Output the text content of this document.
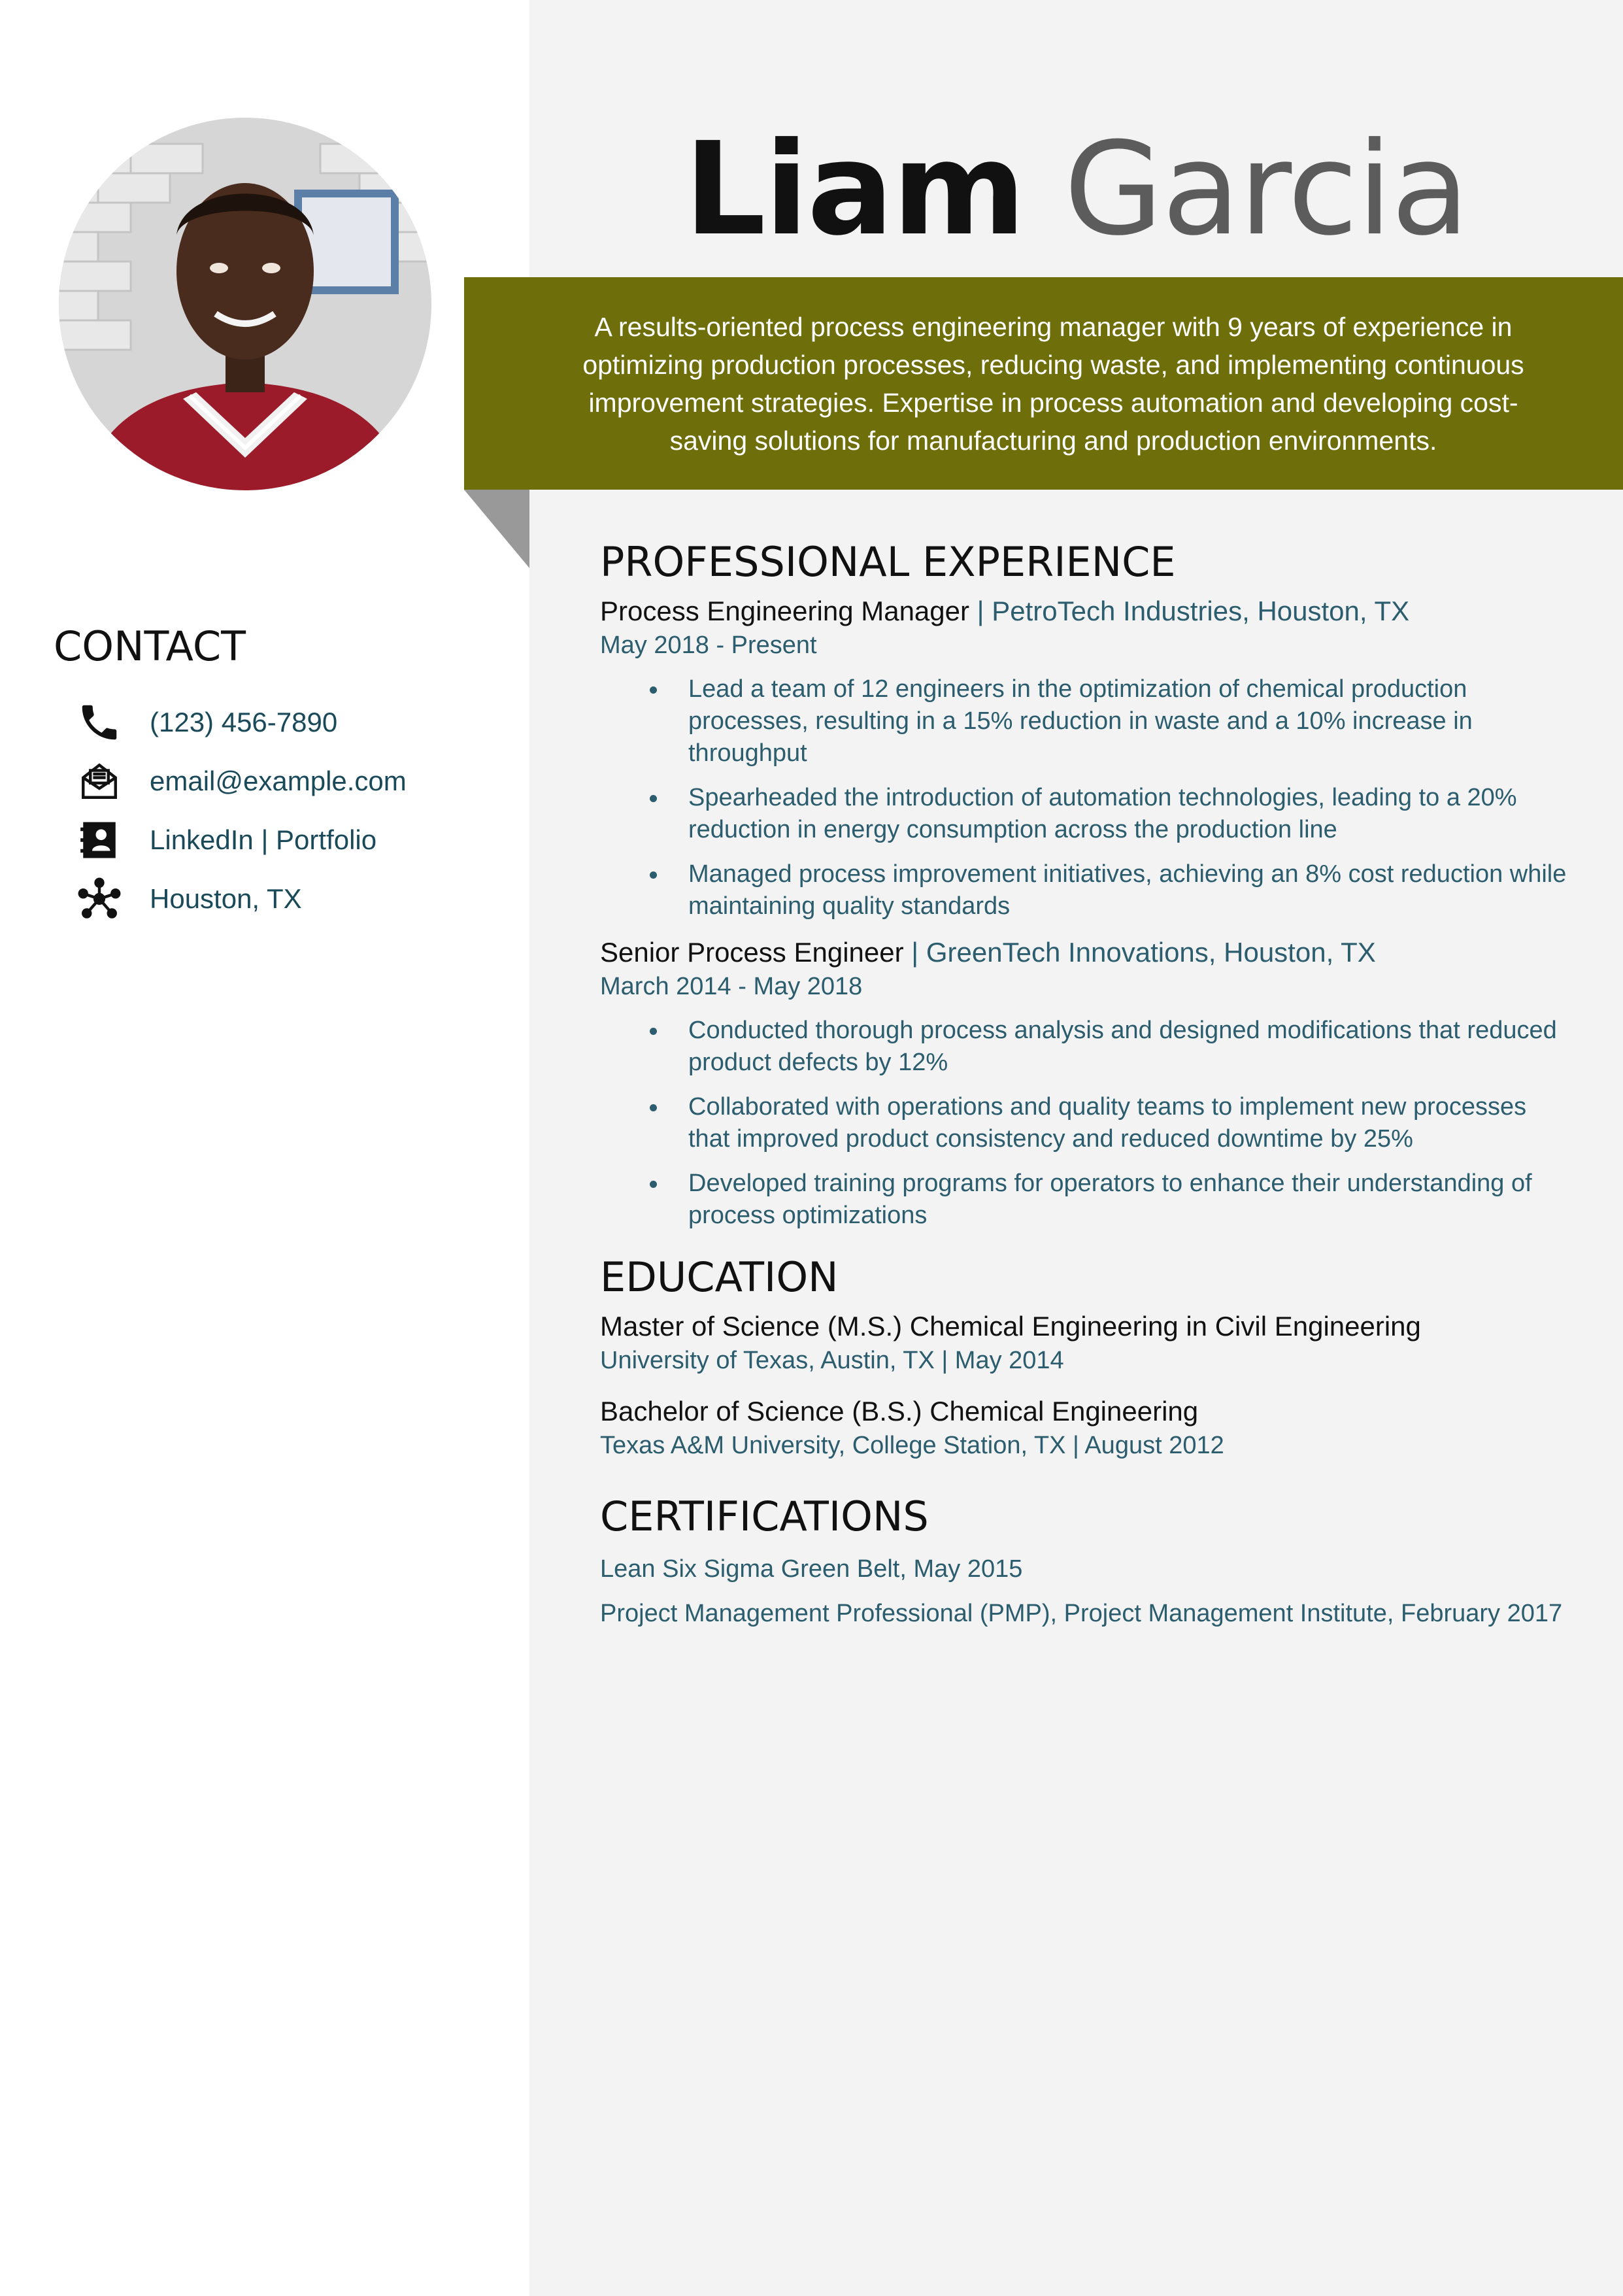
Liam Garcia

A results-oriented process engineering manager with 9 years of experience in optimizing production processes, reducing waste, and implementing continuous improvement strategies. Expertise in process automation and developing cost-saving solutions for manufacturing and production environments.

CONTACT
(123) 456-7890
email@example.com
LinkedIn | Portfolio
Houston, TX
PROFESSIONAL EXPERIENCE
Process Engineering Manager | PetroTech Industries, Houston, TX
May 2018 - Present
Lead a team of 12 engineers in the optimization of chemical production processes, resulting in a 15% reduction in waste and a 10% increase in throughput
Spearheaded the introduction of automation technologies, leading to a 20% reduction in energy consumption across the production line
Managed process improvement initiatives, achieving an 8% cost reduction while maintaining quality standards
Senior Process Engineer | GreenTech Innovations, Houston, TX
March 2014 - May 2018
Conducted thorough process analysis and designed modifications that reduced product defects by 12%
Collaborated with operations and quality teams to implement new processes that improved product consistency and reduced downtime by 25%
Developed training programs for operators to enhance their understanding of process optimizations
EDUCATION
Master of Science (M.S.) Chemical Engineering in Civil Engineering
University of Texas, Austin, TX | May 2014
Bachelor of Science (B.S.) Chemical Engineering
Texas A&M University, College Station, TX | August 2012
CERTIFICATIONS
Lean Six Sigma Green Belt, May 2015
Project Management Professional (PMP), Project Management Institute, February 2017
